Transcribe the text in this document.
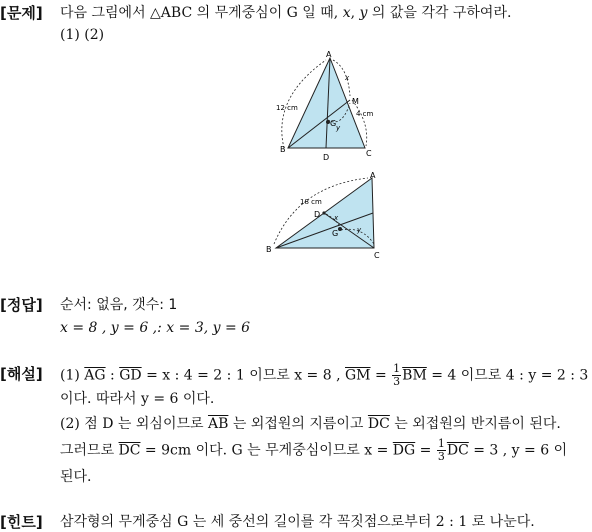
[문제] 다음 그림에서 △ABC 의 무게중심이 G 일 때, x, y 의 값을 각각 구하여라.
(1) (2)
A
B	C
D
M
G
12 cm
4 cm
x
y
A
B
C
D
G
18 cm
x
y
[정답] 순서: 없음, 갯수: 1
x = 8 , y = 6 ,: x = 3, y = 6
[해설] (1) $\overline{AG}$ : $\overline{GD} = x$ : 4 = 2 : 1 이므로 x = 8 , $\overline{GM} = \frac{1}{3} \overline{BM} = 4$ 이므로 4 : y = 2 : 3
이다. 따라서 y = 6 이다.
(2) 점 D 는 외심이므로 $\overline{AB}$ 는 외접원의 지름이고 $\overline{DC}$ 는 외접원의 반지름이 된다.
그러므로 $\overline{DC} = 9cm$ 이다. G 는 무게중심이므로 $x = \overline{DG} = \frac{1}{3} \overline{DC} = 3$ , y = 6 이
된다.
[힌트] 삼각형의 무게중심 G 는 세 중선의 길이를 각 꼭짓점으로부터 2 : 1 로 나눈다.
